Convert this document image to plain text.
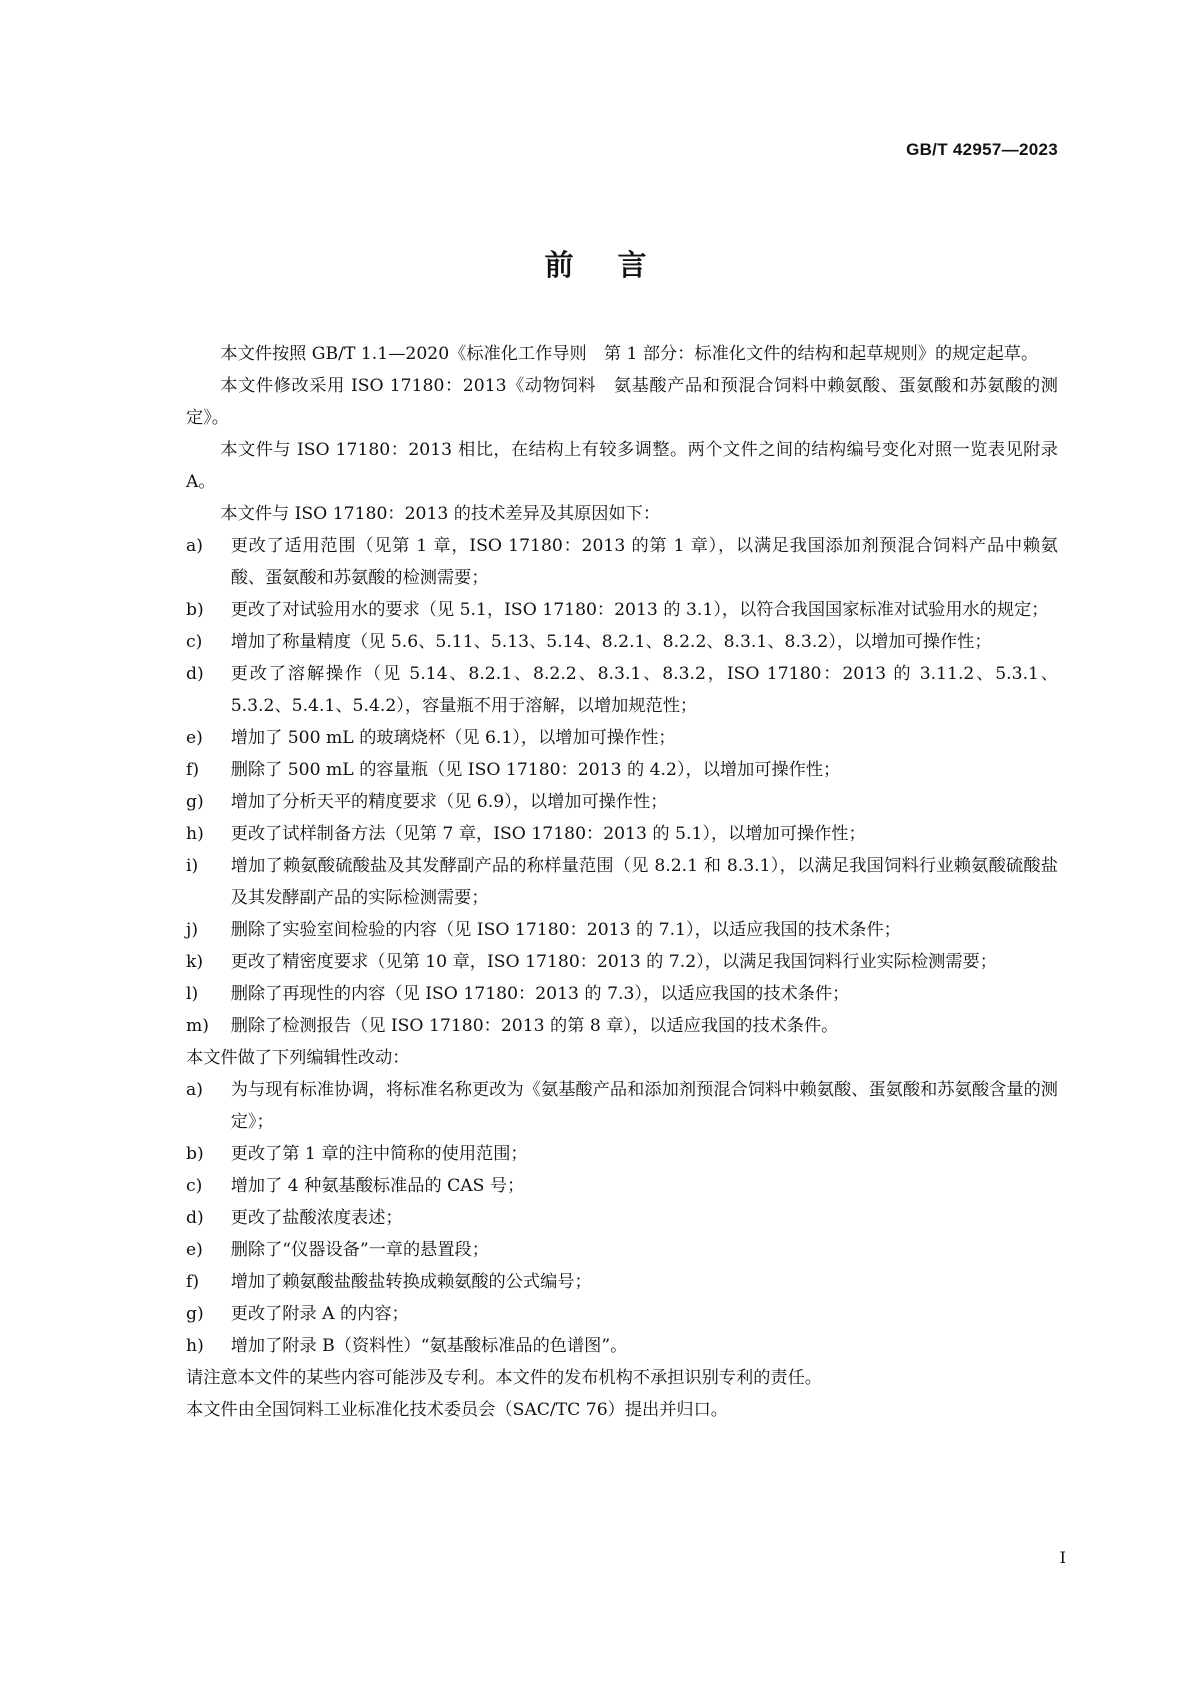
GB/T 42957—2023
前言

本文件按照 GB/T 1.1—2020《标准化工作导则　第 1 部分：标准化文件的结构和起草规则》的规定起草。

本文件修改采用 ISO 17180：2013《动物饲料　氨基酸产品和预混合饲料中赖氨酸、蛋氨酸和苏氨酸的测定》。

本文件与 ISO 17180：2013 相比，在结构上有较多调整。两个文件之间的结构编号变化对照一览表见附录 A。

本文件与 ISO 17180：2013 的技术差异及其原因如下：

a) 更改了适用范围（见第 1 章，ISO 17180：2013 的第 1 章），以满足我国添加剂预混合饲料产品中赖氨酸、蛋氨酸和苏氨酸的检测需要；

b) 更改了对试验用水的要求（见 5.1，ISO 17180：2013 的 3.1），以符合我国国家标准对试验用水的规定；

c) 增加了称量精度（见 5.6、5.11、5.13、5.14、8.2.1、8.2.2、8.3.1、8.3.2），以增加可操作性；

d) 更改了溶解操作（见 5.14、8.2.1、8.2.2、8.3.1、8.3.2，ISO 17180：2013 的 3.11.2、5.3.1、5.3.2、5.4.1、5.4.2），容量瓶不用于溶解，以增加规范性；

e) 增加了 500 mL 的玻璃烧杯（见 6.1），以增加可操作性；

f) 删除了 500 mL 的容量瓶（见 ISO 17180：2013 的 4.2），以增加可操作性；

g) 增加了分析天平的精度要求（见 6.9），以增加可操作性；

h) 更改了试样制备方法（见第 7 章，ISO 17180：2013 的 5.1），以增加可操作性；

i) 增加了赖氨酸硫酸盐及其发酵副产品的称样量范围（见 8.2.1 和 8.3.1），以满足我国饲料行业赖氨酸硫酸盐及其发酵副产品的实际检测需要；

j) 删除了实验室间检验的内容（见 ISO 17180：2013 的 7.1），以适应我国的技术条件；

k) 更改了精密度要求（见第 10 章，ISO 17180：2013 的 7.2），以满足我国饲料行业实际检测需要；

l) 删除了再现性的内容（见 ISO 17180：2013 的 7.3），以适应我国的技术条件；

m) 删除了检测报告（见 ISO 17180：2013 的第 8 章），以适应我国的技术条件。

本文件做了下列编辑性改动：

a) 为与现有标准协调，将标准名称更改为《氨基酸产品和添加剂预混合饲料中赖氨酸、蛋氨酸和苏氨酸含量的测定》；

b) 更改了第 1 章的注中简称的使用范围；

c) 增加了 4 种氨基酸标准品的 CAS 号；

d) 更改了盐酸浓度表述；

e) 删除了“仪器设备”一章的悬置段；

f) 增加了赖氨酸盐酸盐转换成赖氨酸的公式编号；

g) 更改了附录 A 的内容；

h) 增加了附录 B（资料性）“氨基酸标准品的色谱图”。

请注意本文件的某些内容可能涉及专利。本文件的发布机构不承担识别专利的责任。

本文件由全国饲料工业标准化技术委员会（SAC/TC 76）提出并归口。

I
